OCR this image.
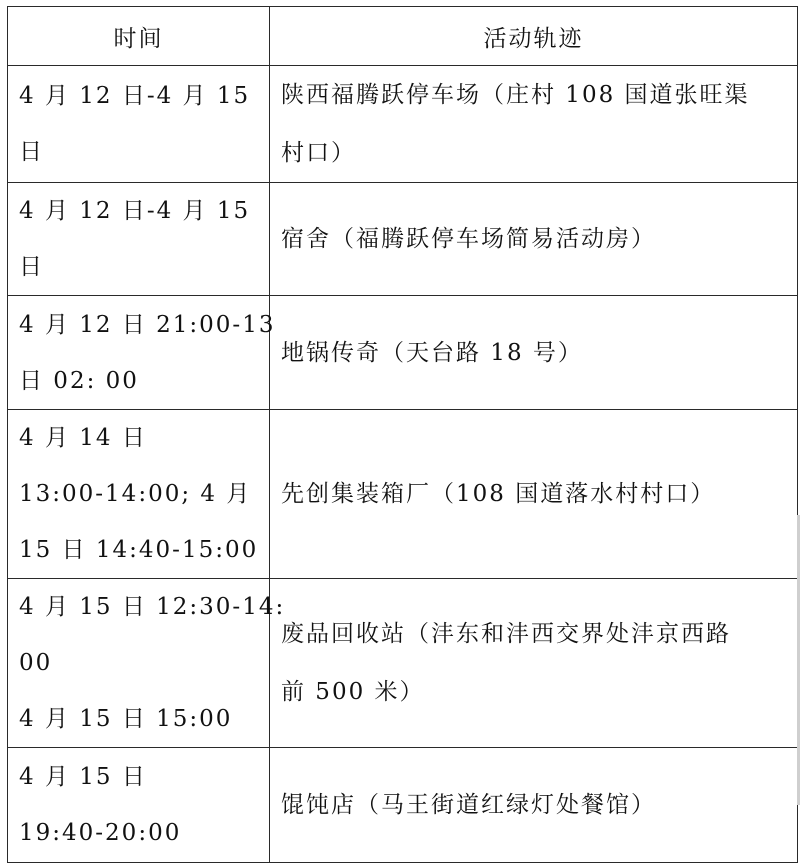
时间	活动轨迹

4 月 12 日-4 月 15
日	陕西福腾跃停车场（庄村 108 国道张旺渠
村口）

4 月 12 日-4 月 15
日	宿舍（福腾跃停车场简易活动房）

4 月 12 日 21:00-13
日 02: 00	地锅传奇（天台路 18 号）

4 月 14 日
13:00-14:00; 4 月
15 日 14:40-15:00	先创集装箱厂（108 国道落水村村口）

4 月 15 日 12:30-14:
00
4 月 15 日 15:00	废品回收站（沣东和沣西交界处沣京西路
前 500 米）

4 月 15 日
19:40-20:00	馄饨店（马王街道红绿灯处餐馆）
